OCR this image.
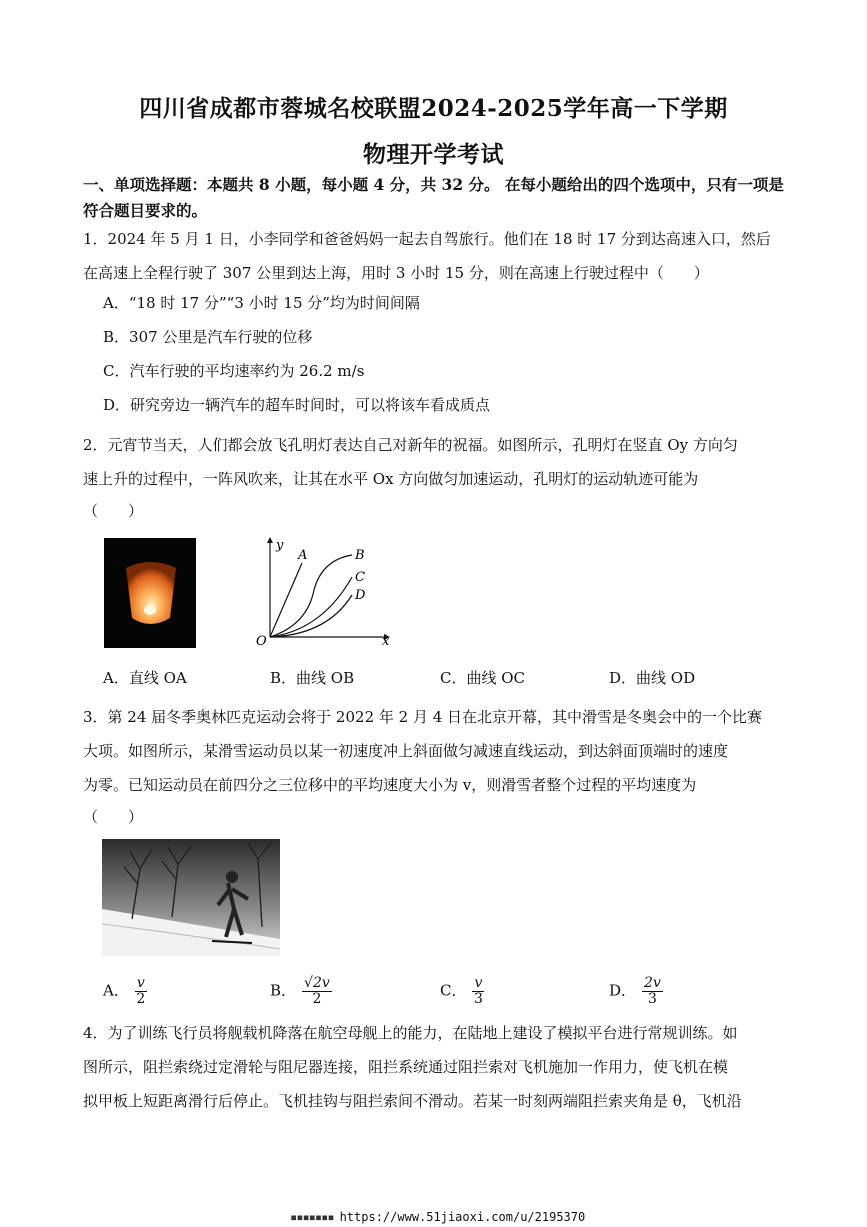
四川省成都市蓉城名校联盟2024-2025学年高一下学期
物理开学考试
一、单项选择题：本题共 8 小题，每小题 4 分，共 32 分。 在每小题给出的四个选项中，只有一项是符合题目要求的。
1．2024 年 5 月 1 日，小李同学和爸爸妈妈一起去自驾旅行。他们在 18 时 17 分到达高速入口，然后
在高速上全程行驶了 307 公里到达上海，用时 3 小时 15 分，则在高速上行驶过程中（　　）
A．“18 时 17 分”“3 小时 15 分”均为时间间隔
B．307 公里是汽车行驶的位移
C．汽车行驶的平均速率约为 26.2 m/s
D．研究旁边一辆汽车的超车时间时，可以将该车看成质点
2．元宵节当天，人们都会放飞孔明灯表达自己对新年的祝福。如图所示，孔明灯在竖直 Oy 方向匀
速上升的过程中，一阵风吹来，让其在水平 Ox 方向做匀加速运动，孔明灯的运动轨迹可能为
（　　）
y
x
O
A	B
C
D
A．直线 OA	B．曲线 OB	C．曲线 OC	D．曲线 OD
3．第 24 届冬季奥林匹克运动会将于 2022 年 2 月 4 日在北京开幕，其中滑雪是冬奥会中的一个比赛
大项。如图所示，某滑雪运动员以某一初速度冲上斜面做匀减速直线运动，到达斜面顶端时的速度
为零。已知运动员在前四分之三位移中的平均速度大小为 v，则滑雪者整个过程的平均速度为
（　　）
A． $\frac{v}{2}$	B． $\frac{√2v}{2}$	C． $\frac{v}{3}$	D． $\frac{2v}{3}$
4．为了训练飞行员将舰载机降落在航空母舰上的能力，在陆地上建设了模拟平台进行常规训练。如
图所示，阻拦索绕过定滑轮与阻尼器连接，阻拦系统通过阻拦索对飞机施加一作用力，使飞机在模
拟甲板上短距离滑行后停止。飞机挂钩与阻拦索间不滑动。若某一时刻两端阻拦索夹角是 θ，飞机沿
▪▪▪▪▪▪▪ https://www.51jiaoxi.com/u/2195370
